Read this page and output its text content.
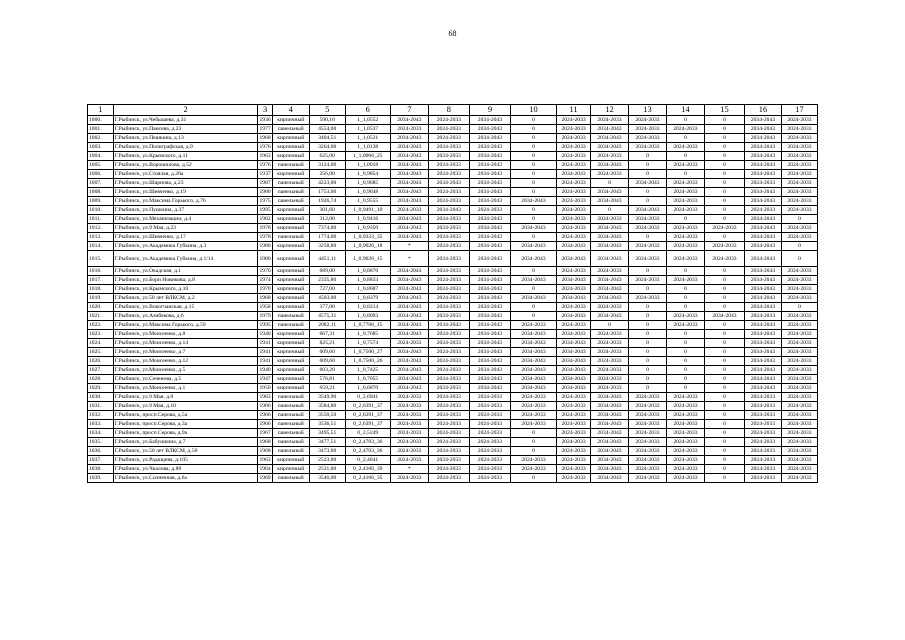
68
1	2	3	4	5	6	7	8	9	10	11	12	13	14	15	16	17
1000.	Г.Рыбинск, ул.Чебышева, д.31	1936	кирпичный	590,10	1_1,0552	2034-2043	2024-2033	2034-2043	0	2024-2033	2024-2033	2024-2033	0	0	2034-2043	2024-2033
1001.	Г.Рыбинск, ул.Пансева, д.23	1977	панельный	4554,00	1_1,0537	2024-2033	2024-2033	2034-2043	0	2024-2033	2034-2043	2024-2033	2024-2033	0	2034-2043	2024-2033
1002.	Г.Рыбинск, ул.Пешкина, д.13	1968	кирпичный	3404,51	1_1,0531	2034-2043	2024-2033	2034-2043	0	2024-2033	2034-2043	2024-2033	0	0	2034-2043	2024-2033
1003.	Г.Рыбинск, ул.Полиграфская, д.9	1976	кирпичный	3264,00	1_1,0138	2034-2043	2024-2033	2034-2043	0	2024-2033	2034-2043	2024-2033	2024-2033	0	2034-2043	2024-2033
1004.	Г.Рыбинск, ул.Крымского, д.11	1963	кирпичный	625,00	1_1,0066_25	2034-2043	2024-2033	2034-2043	0	2024-2033	2024-2033	0	0	0	2034-2043	2024-2033
1005.	Г.Рыбинск, ул.Ворошилова, д.52	1976	панельный	3124,00	1_1,0018	2034-2043	2024-2033	2034-2043	0	2024-2033	2034-2043	0	2024-2033	0	2034-2043	2024-2033
1006.	Г.Рыбинск, ул.Стоялая, д.28а	1937	кирпичный	256,00	1_0,9854	2034-2043	2024-2033	2034-2043	0	2034-2043	2024-2033	0	0	0	2034-2043	2024-2033
1007.	Г.Рыбинск, ул.Шарнова, д.23	1987	панельный	4223,00	1_0,9685	2034-2043	2034-2043	2034-2043	0	2024-2033	0	2034-2043	2024-2033	0	2024-2033	2024-2033
1008.	Г.Рыбинск, ул.Шевченко, д.19	1980	панельный	1753,00	1_0,9648	2034-2043	2024-2033	2034-2043	0	2024-2033	2034-2043	0	2024-2033	0	2034-2043	2024-2033
1009.	Г.Рыбинск, ул.Максима Горького, д.76	1975	панельный	1926,74	1_0,9555	2034-2043	2024-2033	2034-2043	2034-2043	2024-2033	2034-2043	0	2024-2033	0	2034-2043	2024-2033
1010.	Г.Рыбинск, ул.Пушкина, д.37	1995	кирпичный	301,60	1_0,9491_10	2024-2033	2034-2043	2024-2033	0	2024-2033	0	2034-2043	2024-2033	0	2024-2033	2024-2033
1011.	Г.Рыбинск, ул.Механизации, д.4	1962	кирпичный	312,00	1_0,9416	2034-2043	2024-2033	2034-2043	0	2024-2033	2024-2033	2024-2033	0	0	2034-2043	0
1012.	Г.Рыбинск, ул.9 Мая, д.23	1978	кирпичный	7374,00	1_0,9350	2034-2043	2024-2033	2034-2043	2034-2043	2024-2033	2034-2043	2024-2033	2024-2033	2024-2033	2034-2043	2024-2033
1013.	Г.Рыбинск, ул.Шевченко, д.17	1978	панельный	1774,00	1_0,9333_35	2034-2043	2024-2033	2034-2043	0	2024-2033	2034-2043	0	2024-2033	0	2034-2043	2024-2033
1014.	Г.Рыбинск, ул.Академика Губкина, д.3	1980	кирпичный	3258,80	1_0,9026_18	*	2024-2033	2034-2043	2034-2043	2034-2043	2034-2043	2024-2033	2024-2033	2024-2033	2034-2043	0
1015.	Г.Рыбинск, ул.Академика Губкина, д.1/14	1980	кирпичный	4451,11	1_0,9026_15	*	2024-2033	2034-2043	2034-2043	2034-2043	2034-2043	2024-2033	2024-2033	2024-2033	2034-2043	0
1016.	Г.Рыбинск, ул.Окадская, д.1	1970	кирпичный	689,00	1_0,8870	2034-2043	2024-2033	2034-2043	0	2024-2033	2024-2033	0	0	0	2034-2043	2024-2033
1017.	Г.Рыбинск, ул.Бори Новикова, д.8	1974	кирпичный	2335,80	1_0,8833	2034-2043	2024-2033	2034-2043	2034-2043	2034-2043	2034-2043	2024-2033	2024-2033	0	2034-2043	2024-2033
1018.	Г.Рыбинск, ул.Крымского, д.10	1970	кирпичный	727,00	1_0,8687	2034-2043	2024-2033	2034-2043	0	2024-2033	2034-2043	0	0	0	2034-2043	2024-2033
1019.	Г.Рыбинск, ул.50 лет ВЛКСМ, д.2	1968	кирпичный	4503,00	1_0,8379	2034-2043	2024-2033	2034-2043	2034-2043	2034-2043	2034-2043	2024-2033	0	0	2034-2043	2024-2033
1020.	Г.Рыбинск, ул.Вокогчанская, д.15	1958	кирпичный	377,00	1_0,8214	2034-2043	2024-2033	2034-2043	0	2024-2033	2024-2033	0	0	0	2034-2043	0
1021.	Г.Рыбинск, ул.Азибекова, д.6	1979	панельный	4575,31	1_0,8093	2034-2043	2024-2033	2034-2043	0	2034-2043	2034-2043	0	2024-2033	2034-2043	2024-2033	2024-2033
1022.	Г.Рыбинск, ул.Максима Горького, д.59	1995	панельный	2082,11	1_0,7766_15	2034-2043	2034-2043	2034-2043	2024-2033	2024-2033	0	0	2024-2033	0	2034-2043	2024-2033
1023.	Г.Рыбинск, ул.Моисеенко, д.8	1940	кирпичный	667,31	1_0,7685	2034-2043	2024-2033	2034-2043	2034-2043	2034-2043	2024-2033	0	0	0	2034-2043	2024-2033
1024.	Г.Рыбинск, ул.Моисеенко, д.14	1941	кирпичный	825,21	1_0,7574	2024-2033	2024-2033	2034-2043	2034-2043	2034-2043	2024-2033	0	0	0	2034-2043	2024-2033
1025.	Г.Рыбинск, ул.Моисеенко, д.7	1941	кирпичный	609,60	1_0,7500_27	2034-2043	2024-2033	2034-2043	2034-2043	2034-2043	2024-2033	0	0	0	2034-2043	2024-2033
1026.	Г.Рыбинск, ул.Моисеенко, д.12	1941	кирпичный	609,60	1_0,7500_26	2034-2043	2024-2033	2034-2043	2034-2043	2034-2043	2024-2033	0	0	0	2034-2043	2024-2033
1027.	Г.Рыбинск, ул.Моисеенко, д.5	1940	кирпичный	603,20	1_0,7425	2034-2043	2024-2033	2034-2043	2034-2043	2034-2043	2024-2033	0	0	0	2034-2043	2024-2033
1028.	Г.Рыбинск, ул.Сеченова, д.5	1947	кирпичный	576,81	1_0,7055	2034-2043	2024-2033	2034-2043	2034-2043	2034-2043	2024-2033	0	0	0	2034-2043	2024-2033
1029.	Г.Рыбинск, ул.Моисеенко, д.1	1950	кирпичный	659,21	1_0,6870	2034-2043	2024-2033	2034-2043	2034-2043	2034-2043	2024-2033	0	0	0	2034-2043	2024-2033
1030.	Г.Рыбинск, ул.9 Мая, д.8	1963	панельный	3549,90	0_2,6941	2024-2033	2024-2033	2024-2033	2024-2033	2024-2033	2034-2043	2024-2033	2024-2033	0	2024-2033	2024-2033
1031.	Г.Рыбинск, ул.9 Мая, д.10	1966	панельный	3584,80	0_2,6391_37	2024-2033	2024-2033	2024-2033	2024-2033	2024-2033	2034-2043	2024-2033	2024-2033	0	2024-2033	2024-2033
1032.	Г.Рыбинск, просп.Серова, д.5а	1966	панельный	3550,50	0_2,6391_37	2024-2033	2024-2033	2024-2033	2024-2033	2024-2033	2034-2043	2024-2033	2024-2033	0	2024-2033	2024-2033
1033.	Г.Рыбинск, просп.Серова, д.3а	1966	панельный	3536,51	0_2,6391_37	2024-2033	2024-2033	2024-2033	2024-2033	2024-2033	2034-2043	2024-2033	2024-2033	0	2024-2033	2024-2033
1034.	Г.Рыбинск, просп.Серова, д.9а	1967	панельный	3495,51	0_2,5249	2024-2033	2024-2033	2024-2033	0	2024-2033	2034-2043	2024-2033	2024-2033	0	2024-2033	2024-2033
1035.	Г.Рыбинск, ул.Бабушкина, д.7	1968	панельный	3477,51	0_2,4703_36	2024-2033	2024-2033	2024-2033	0	2024-2033	2034-2043	2024-2033	2024-2033	0	2024-2033	2024-2033
1036.	Г.Рыбинск, ул.50 лет ВЛКСМ, д.50	1968	панельный	3473,00	0_2,4703_36	2024-2033	2024-2033	2024-2033	0	2024-2033	2034-2043	2024-2033	2024-2033	0	2024-2033	2024-2033
1037.	Г.Рыбинск, ул.Радищева, д.105	1963	кирпичный	2523,00	0_2,4641	2024-2033	2024-2033	2024-2033	2024-2033	2024-2033	2034-2043	2024-2033	2024-2033	0	2024-2033	2024-2033
1038.	Г.Рыбинск, ул.Чкалова, д.88	1964	кирпичный	2531,00	0_2,4166_39	*	2024-2033	2024-2033	2024-2033	2024-2033	2034-2043	2024-2033	2024-2033	0	2024-2033	2024-2033
1039.	Г.Рыбинск, ул.Солнечная, д.6а	1969	панельный	3546,00	0_2,4166_35	2024-2033	2024-2033	2024-2033	0	2024-2033	2034-2043	2024-2033	2024-2033	0	2024-2033	2024-2033
